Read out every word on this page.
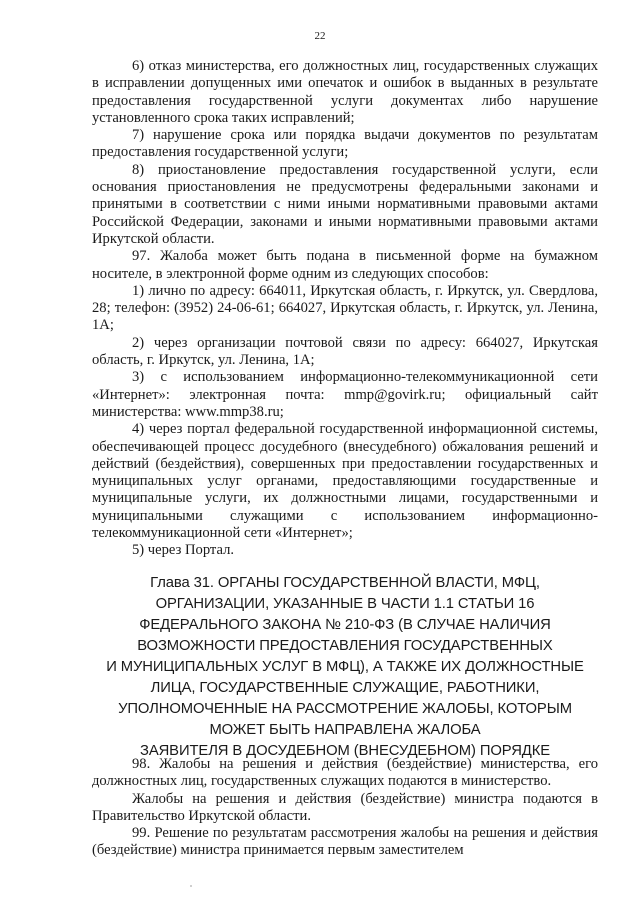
22

6) отказ министерства, его должностных лиц, государственных служащих в исправлении допущенных ими опечаток и ошибок в выданных в результате предоставления государственной услуги документах либо нарушение установленного срока таких исправлений;

7) нарушение срока или порядка выдачи документов по результатам предоставления государственной услуги;

8) приостановление предоставления государственной услуги, если основания приостановления не предусмотрены федеральными законами и принятыми в соответствии с ними иными нормативными правовыми актами Российской Федерации, законами и иными нормативными правовыми актами Иркутской области.

97. Жалоба может быть подана в письменной форме на бумажном носителе, в электронной форме одним из следующих способов:

1) лично по адресу: 664011, Иркутская область, г. Иркутск, ул. Свердлова, 28; телефон: (3952) 24-06-61; 664027, Иркутская область, г. Иркутск, ул. Ленина, 1А;

2) через организации почтовой связи по адресу: 664027, Иркутская область, г. Иркутск, ул. Ленина, 1А;

3) с использованием информационно-телекоммуникационной сети «Интернет»: электронная почта: mmp@govirk.ru; официальный сайт министерства: www.mmp38.ru;

4) через портал федеральной государственной информационной системы, обеспечивающей процесс досудебного (внесудебного) обжалования решений и действий (бездействия), совершенных при предоставлении государственных и муниципальных услуг органами, предоставляющими государственные и муниципальные услуги, их должностными лицами, государственными и муниципальными служащими с использованием информационно-телекоммуникационной сети «Интернет»;

5) через Портал.

Глава 31. ОРГАНЫ ГОСУДАРСТВЕННОЙ ВЛАСТИ, МФЦ,
ОРГАНИЗАЦИИ, УКАЗАННЫЕ В ЧАСТИ 1.1 СТАТЬИ 16
ФЕДЕРАЛЬНОГО ЗАКОНА № 210-ФЗ (В СЛУЧАЕ НАЛИЧИЯ
ВОЗМОЖНОСТИ ПРЕДОСТАВЛЕНИЯ ГОСУДАРСТВЕННЫХ
И МУНИЦИПАЛЬНЫХ УСЛУГ В МФЦ), А ТАКЖЕ ИХ ДОЛЖНОСТНЫЕ
ЛИЦА, ГОСУДАРСТВЕННЫЕ СЛУЖАЩИЕ, РАБОТНИКИ,
УПОЛНОМОЧЕННЫЕ НА РАССМОТРЕНИЕ ЖАЛОБЫ, КОТОРЫМ
МОЖЕТ БЫТЬ НАПРАВЛЕНА ЖАЛОБА
ЗАЯВИТЕЛЯ В ДОСУДЕБНОМ (ВНЕСУДЕБНОМ) ПОРЯДКЕ

98. Жалобы на решения и действия (бездействие) министерства, его должностных лиц, государственных служащих подаются в министерство.

Жалобы на решения и действия (бездействие) министра подаются в Правительство Иркутской области.

99. Решение по результатам рассмотрения жалобы на решения и действия (бездействие) министра принимается первым заместителем
